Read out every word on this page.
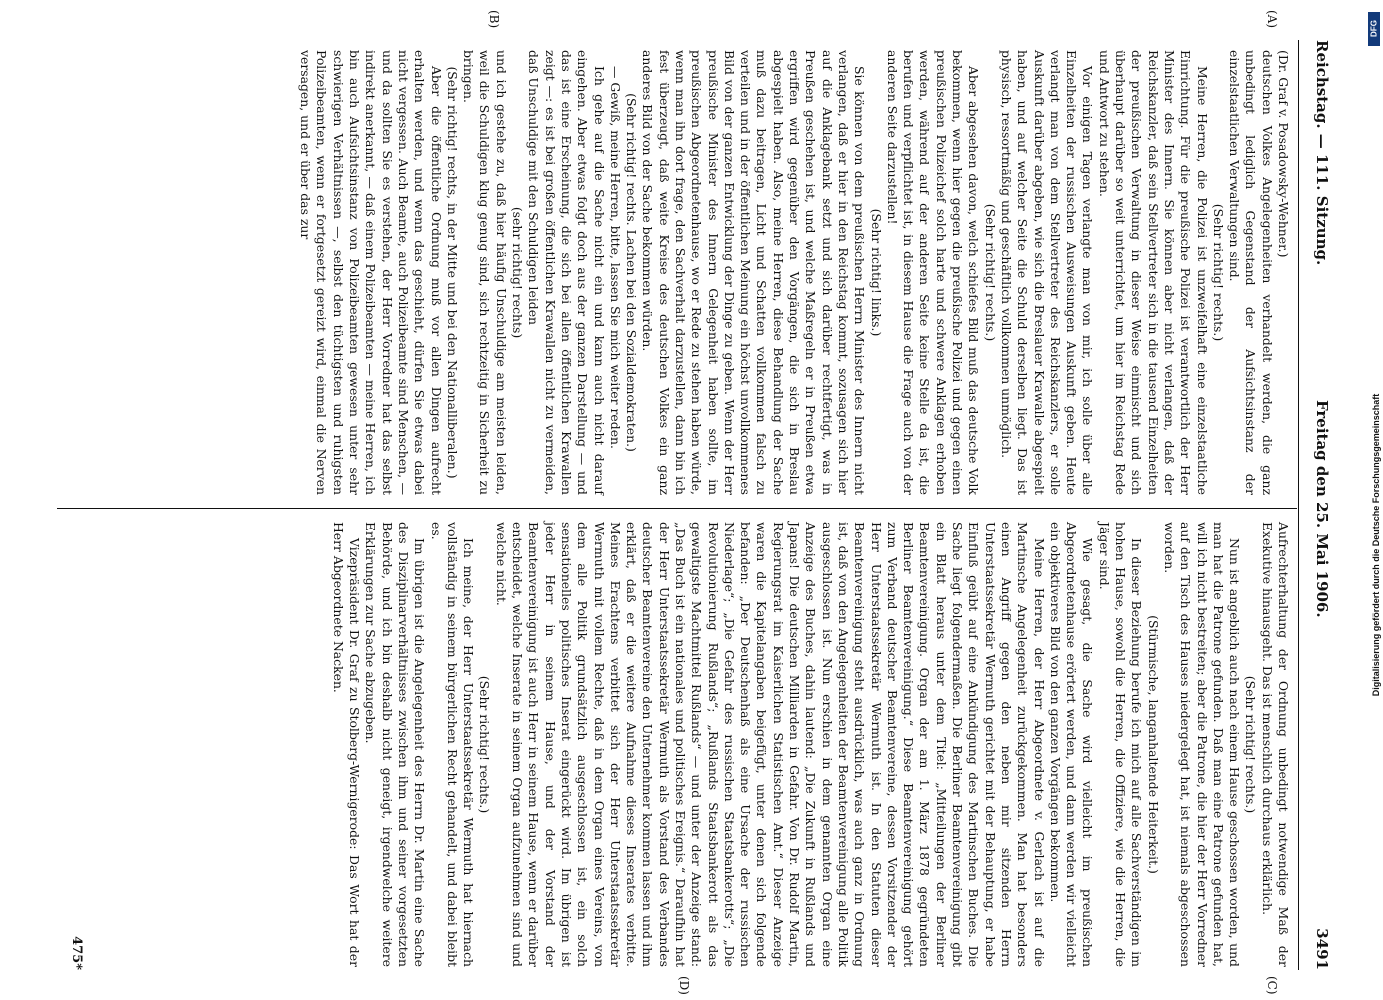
Reichstag. — 111. Sitzung.
Freitag den 25. Mai 1906.
3491
(A)
(B)
(C)
(D)

(Dr. Graf v. Posadowsky-Wehner.)

deutschen Volkes Angelegenheiten verhandelt werden, die ganz unbedingt lediglich Gegenstand der Aufsichtsinstanz der einzelstaatlichen Verwaltungen sind.

(Sehr richtig! rechts.)

Meine Herren, die Polizei ist unzweifelhaft eine einzelstaatliche Einrichtung. Für die preußische Polizei ist verantwortlich der Herr Minister des Innern. Sie können aber nicht verlangen, daß der Reichskanzler, daß sein Stellvertreter sich in die tausend Einzelheiten der preußischen Verwaltung in dieser Weise einmischt und sich überhaupt darüber so weit unterrichtet, um hier im Reichstag Rede und Antwort zu stehen.

Vor einigen Tagen verlangte man von mir, ich solle über alle Einzelheiten der russischen Ausweisungen Auskunft geben. Heute verlangt man von dem Stellvertreter des Reichskanzlers, er solle Auskunft darüber abgeben, wie sich die Breslauer Krawalle abgespielt haben, und auf welcher Seite die Schuld derselben liegt. Das ist physisch, ressortmäßig und geschäftlich vollkommen unmöglich.

(Sehr richtig! rechts.)

Aber abgesehen davon, welch schiefes Bild muß das deutsche Volk bekommen, wenn hier gegen die preußische Polizei und gegen einen preußischen Polizeichef solch harte und schwere Anklagen erhoben werden, während auf der anderen Seite keine Stelle da ist, die berufen und verpflichtet ist, in diesem Hause die Frage auch von der anderen Seite darzustellen!

(Sehr richtig! links.)

Sie können von dem preußischen Herrn Minister des Innern nicht verlangen, daß er hier in den Reichstag kommt, sozusagen sich hier auf die Anklagebank setzt und sich darüber rechtfertigt, was in Preußen geschehen ist, und welche Maßregeln er in Preußen etwa ergriffen wird gegenüber den Vorgängen, die sich in Breslau abgespielt haben. Also, meine Herren, diese Behandlung der Sache muß dazu beitragen, Licht und Schatten vollkommen falsch zu verteilen und in der öffentlichen Meinung ein höchst unvollkommenes Bild von der ganzen Entwicklung der Dinge zu geben. Wenn der Herr preußische Minister des Innern Gelegenheit haben sollte, im preußischen Abgeordnetenhause, wo er Rede zu stehen haben würde, wenn man ihn dort frage, den Sachverhalt darzustellen, dann bin ich fest überzeugt, daß weite Kreise des deutschen Volkes ein ganz anderes Bild von der Sache bekommen würden.

(Sehr richtig! rechts. Lachen bei den Sozialdemokraten.)

— Gewiß, meine Herren, bitte, lassen Sie mich weiter reden.

Ich gehe auf die Sache nicht ein und kann auch nicht darauf eingehen. Aber etwas folgt doch aus der ganzen Darstellung — und das ist eine Erscheinung, die sich bei allen öffentlichen Krawallen zeigt —: es ist bei großen öffentlichen Krawallen nicht zu vermeiden, daß Unschuldige mit den Schuldigen leiden

(sehr richtig! rechts)

und ich gestehe zu, daß hier häufig Unschuldige am meisten leiden, weil die Schuldigen klug genug sind, sich rechtzeitig in Sicherheit zu bringen.

(Sehr richtig! rechts, in der Mitte und bei den Nationalliberalen.)

Aber die öffentliche Ordnung muß vor allen Dingen aufrecht erhalten werden, und wenn das geschieht, dürfen Sie etwas dabei nicht vergessen. Auch Beamte, auch Polizeibeamte sind Menschen, — und da sollten Sie es verstehen, der Herr Vorredner hat das selbst indirekt anerkannt, — daß einem Polizeibeamten — meine Herren, ich bin auch Aufsichtsinstanz von Polizeibeamten gewesen unter sehr schwierigen Verhältnissen —, selbst den tüchtigsten und ruhigsten Polizeibeamten, wenn er fortgesetzt gereizt wird, einmal die Nerven versagen, und er über das zur

Aufrechterhaltung der Ordnung unbedingt notwendige Maß der Exekutive hinausgeht. Das ist menschlich durchaus erklärlich.

(Sehr richtig! rechts.)

Nun ist angeblich auch nach einem Hause geschossen worden, und man hat die Patrone gefunden. Daß man eine Patrone gefunden hat, will ich nicht bestreiten; aber die Patrone, die hier der Herr Vorredner auf den Tisch des Hauses niedergelegt hat, ist niemals abgeschossen worden.

(Stürmische, langanhaltende Heiterkeit.)

In dieser Beziehung berufe ich mich auf alle Sachverständigen im hohen Hause, sowohl die Herren, die Offiziere, wie die Herren, die Jäger sind.

Wie gesagt, die Sache wird vielleicht im preußischen Abgeordnetenhause erörtert werden, und dann werden wir vielleicht ein objektiveres Bild von den ganzen Vorgängen bekommen.

Meine Herren, der Herr Abgeordnete v. Gerlach ist auf die Martinsche Angelegenheit zurückgekommen. Man hat besonders einen Angriff gegen den neben mir sitzenden Herrn Unterstaatssekretär Wermuth gerichtet mit der Behauptung, er habe Einfluß geübt auf eine Ankündigung des Martinschen Buches. Die Sache liegt folgendermaßen. Die Berliner Beamtenvereinigung gibt ein Blatt heraus unter dem Titel: „Mitteilungen der Berliner Beamtenvereinigung. Organ der am 1. März 1878 gegründeten Berliner Beamtenvereinigung.“ Diese Beamtenvereinigung gehört zum Verband deutscher Beamtenvereine, dessen Vorsitzender der Herr Unterstaatssekretär Wermuth ist. In den Statuten dieser Beamtenvereinigung steht ausdrücklich, was auch ganz in Ordnung ist, daß von den Angelegenheiten der Beamtenvereinigung alle Politik ausgeschlossen ist. Nun erschien in dem genannten Organ eine Anzeige des Buches, dahin lautend: „Die Zukunft in Rußlands und Japans! Die deutschen Milliarden in Gefahr. Von Dr. Rudolf Martin, Regierungsrat im Kaiserlichen Statistischen Amt.“ Dieser Anzeige waren die Kapitelangaben beigefügt, unter denen sich folgende befanden: „Der Deutschenhaß als eine Ursache der russischen Niederlage“; „Die Gefahr des russischen Staatsbankerotts“; „Die Revolutionierung Rußlands“; „Rußlands Staatsbankerott als das gewaltigste Machtmittel Rußlands“ — und unter der Anzeige stand: „Das Buch ist ein nationales und politisches Ereignis.“ Daraufhin hat der Herr Unterstaatssekretär Wermuth als Vorstand des Verbandes deutscher Beamtenvereine den Unternehmer kommen lassen und ihm erklärt, daß er die weitere Aufnahme dieses Inserates verbitte. Meines Erachtens verbittet sich der Herr Unterstaatssekretär Wermuth mit vollem Rechte, daß in dem Organ eines Vereins, von dem alle Politik grundsätzlich ausgeschlossen ist, ein solch sensationelles politisches Inserat eingerückt wird. Im übrigen ist jeder Herr in seinem Hause, und der Vorstand der Beamtenvereinigung ist auch Herr in seinem Hause, wenn er darüber entscheidet, welche Inserate in seinem Organ aufzunehmen sind und welche nicht.

(Sehr richtig! rechts.)

Ich meine, der Herr Unterstaatssekretär Wermuth hat hiernach vollständig in seinem bürgerlichen Recht gehandelt, und dabei bleibt es.

Im übrigen ist die Angelegenheit des Herrn Dr. Martin eine Sache des Disziplinarverhältnisses zwischen ihm und seiner vorgesetzten Behörde, und ich bin deshalb nicht geneigt, irgendwelche weitere Erklärungen zur Sache abzugeben.

Vizepräsident Dr. Graf zu Stolberg-Wernigerode: Das Wort hat der Herr Abgeordnete Nacken.

475*
Digitalisierung gefördert durch die Deutsche Forschungsgemeinschaft
DFG
